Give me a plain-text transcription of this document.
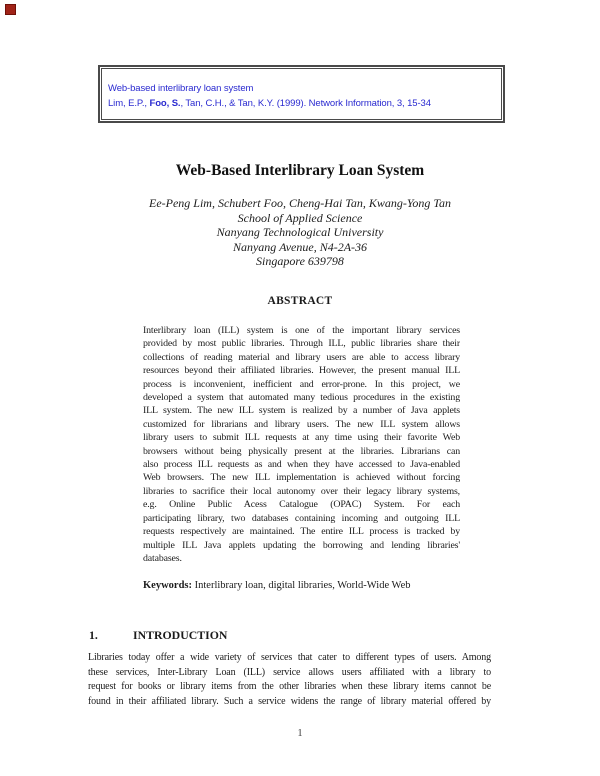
Web-based interlibrary loan system
Lim, E.P., Foo, S., Tan, C.H., & Tan, K.Y. (1999). Network Information, 3, 15-34
Web-Based Interlibrary Loan System
Ee-Peng Lim, Schubert Foo, Cheng-Hai Tan, Kwang-Yong Tan
School of Applied Science
Nanyang Technological University
Nanyang Avenue, N4-2A-36
Singapore 639798
ABSTRACT
Interlibrary loan (ILL) system is one of the important library services
provided by most public libraries. Through ILL, public libraries share their
collections of reading material and library users are able to access library
resources beyond their affiliated libraries. However, the present manual ILL
process is inconvenient, inefficient and error-prone. In this project, we
developed a system that automated many tedious procedures in the existing
ILL system. The new ILL system is realized by a number of Java applets
customized for librarians and library users. The new ILL system allows
library users to submit ILL requests at any time using their favorite Web
browsers without being physically present at the libraries. Librarians can
also process ILL requests as and when they have accessed to Java-enabled
Web browsers. The new ILL implementation is achieved without forcing
libraries to sacrifice their local autonomy over their legacy library systems,
e.g. Online Public Acess Catalogue (OPAC) System. For each
participating library, two databases containing incoming and outgoing ILL
requests respectively are maintained. The entire ILL process is tracked by
multiple ILL Java applets updating the borrowing and lending libraries'
databases.
Keywords: Interlibrary loan, digital libraries, World-Wide Web
1.	INTRODUCTION
Libraries today offer a wide variety of services that cater to different types of users. Among
these services, Inter-Library Loan (ILL) service allows users affiliated with a library to
request for books or library items from the other libraries when these library items cannot be
found in their affiliated library. Such a service widens the range of library material offered by
1
